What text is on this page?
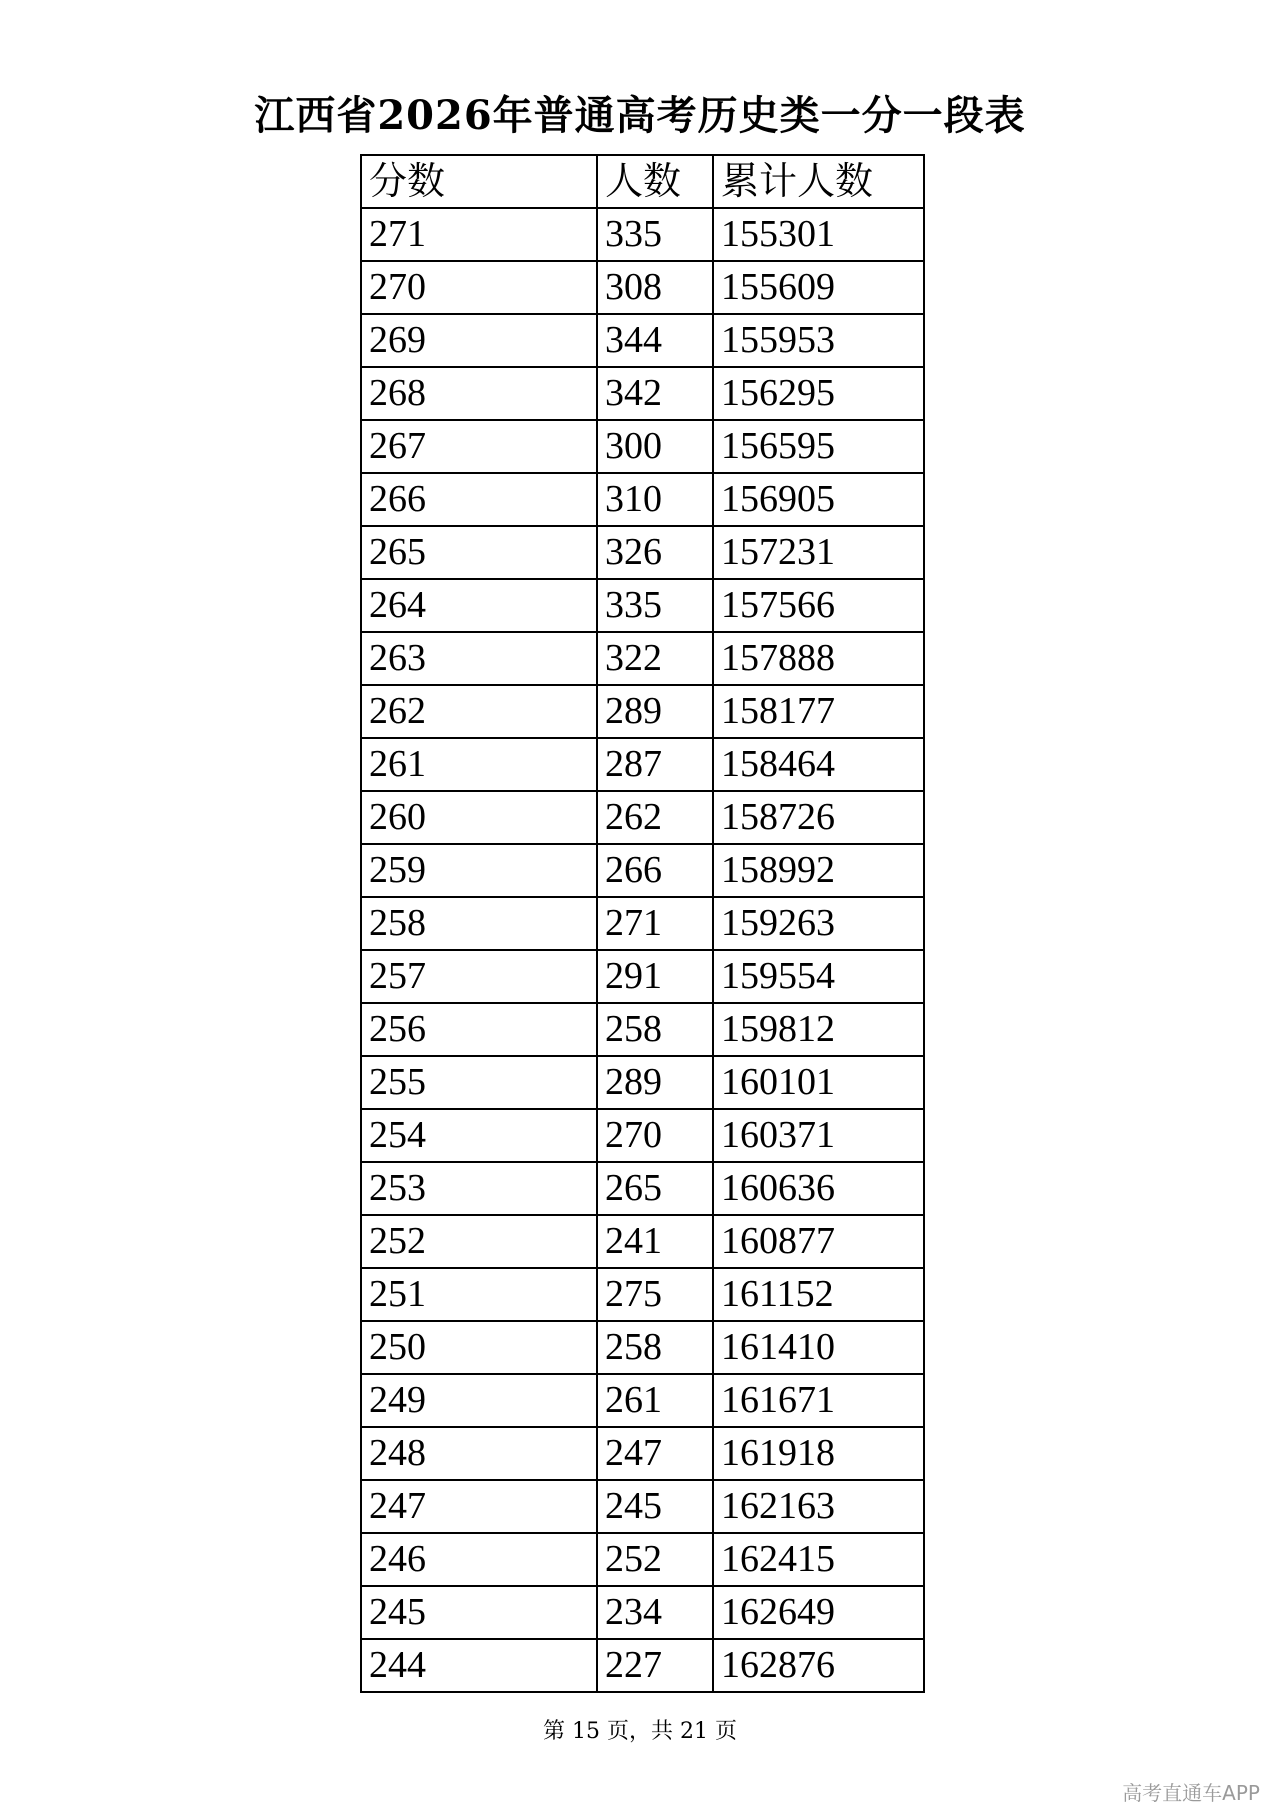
江西省2026年普通高考历史类一分一段表
分数	人数	累计人数
271	335	155301
270	308	155609
269	344	155953
268	342	156295
267	300	156595
266	310	156905
265	326	157231
264	335	157566
263	322	157888
262	289	158177
261	287	158464
260	262	158726
259	266	158992
258	271	159263
257	291	159554
256	258	159812
255	289	160101
254	270	160371
253	265	160636
252	241	160877
251	275	161152
250	258	161410
249	261	161671
248	247	161918
247	245	162163
246	252	162415
245	234	162649
244	227	162876
第 15 页，共 21 页
高考直通车APP
